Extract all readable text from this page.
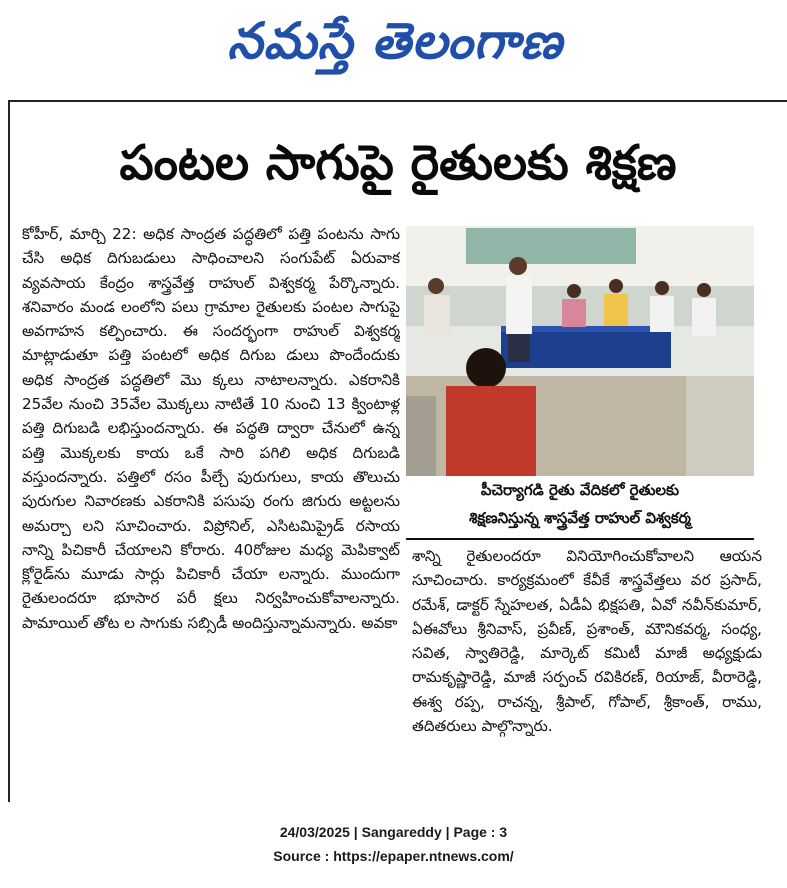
నమస్తే తెలంగాణ
పంటల సాగుపై రైతులకు శిక్షణ

కోహీర్, మార్చి 22: అధిక సాంద్రత పద్ధతిలో పత్తి పంటను సాగు చేసి అధిక దిగుబడులు సాధించాలని సంగుపేట్ ఏరువాక వ్యవసాయ కేంద్రం శాస్త్రవేత్త రాహుల్ విశ్వకర్మ పేర్కొన్నారు. శనివారం మండ లంలోని పలు గ్రామాల రైతులకు పంటల సాగుపై అవగాహన కల్పించారు. ఈ సందర్భంగా రాహుల్ విశ్వకర్మ మాట్లాడుతూ పత్తి పంటలో అధిక దిగుబ డులు పొందేందుకు అధిక సాంద్రత పద్ధతిలో మొ క్కలు నాటాలన్నారు. ఎకరానికి 25వేల నుంచి 35వేల మొక్కలు నాటితే 10 నుంచి 13 క్వింటాళ్ల పత్తి దిగుబడి లభిస్తుందన్నారు. ఈ పద్ధతి ద్వారా చేనులో ఉన్న పత్తి మొక్కలకు కాయ ఒకే సారి పగిలి అధిక దిగుబడి వస్తుందన్నారు. పత్తిలో రసం పీల్చే పురుగులు, కాయ తొలుచు పురుగుల నివారణకు ఎకరానికి పసుపు రంగు జిగురు అట్టలను అమర్చా లని సూచించారు. విప్రోనిల్, ఎసిటమిప్రైడ్ రసాయ నాన్ని పిచికారీ చేయాలని కోరారు. 40రోజుల మధ్య మెపిక్వాట్ క్లోరైడ్‌ను మూడు సార్లు పిచికారీ చేయా లన్నారు. ముందుగా రైతులందరూ భూసార పరీ క్షలు నిర్వహించుకోవాలన్నారు. పామాయిల్ తోట ల సాగుకు సబ్సిడీ అందిస్తున్నామన్నారు. అవకా

పీచెర్యాగడి రైతు వేదికలో రైతులకు
శిక్షణనిస్తున్న శాస్త్రవేత్త రాహుల్ విశ్వకర్మ

శాన్ని రైతులందరూ వినియోగించుకోవాలని ఆయన సూచించారు. కార్యక్రమంలో కేవీకే శాస్త్రవేత్తలు వర ప్రసాద్, రమేశ్, డాక్టర్ స్నేహలత, ఏడీఏ భిక్షపతి, ఏవో నవీన్‌కుమార్, ఏఈవోలు శ్రీనివాస్, ప్రవీణ్, ప్రశాంత్, మౌనికవర్మ, సంధ్య, సవిత, స్వాతిరెడ్డి, మార్కెట్ కమిటీ మాజీ అధ్యక్షుడు రామకృష్ణారెడ్డి, మాజీ సర్పంచ్ రవికిరణ్, రియాజ్, వీరారెడ్డి, ఈశ్వ రప్ప, రాచన్న, శ్రీపాల్, గోపాల్, శ్రీకాంత్, రాము, తదితరులు పాల్గొన్నారు.

24/03/2025 | Sangareddy | Page : 3
Source : https://epaper.ntnews.com/
